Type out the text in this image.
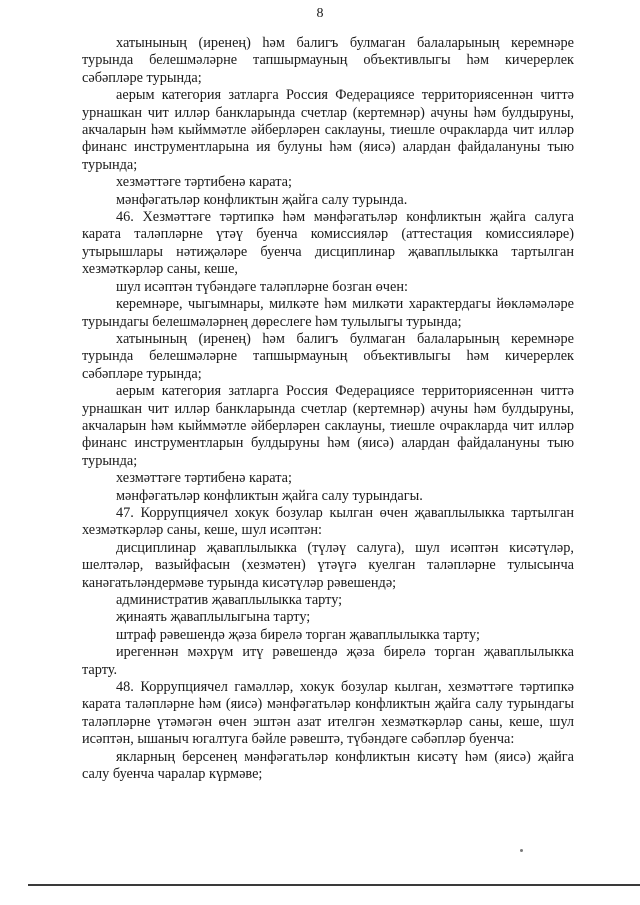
8

хатынының (иренең) һәм балигъ булмаган балаларының керемнәре турында белешмәләрне тапшырмауның объективлыгы һәм кичерерлек сәбәпләре турында;

аерым категория затларга Россия Федерациясе территориясеннән читтә урнашкан чит илләр банкларында счетлар (кертемнәр) ачуны һәм булдыруны, акчаларын һәм кыйммәтле әйберләрен саклауны, тиешле очракларда чит илләр финанс инструментларына ия булуны һәм (яисә) алардан файдалануны тыю турында;

хезмәттәге тәртибенә карата;

мәнфәгатьләр конфликтын җайга салу турында.

46. Хезмәттәге тәртипкә һәм мәнфәгатьләр конфликтын җайга салуга карата таләпләрне үтәү буенча комиссияләр (аттестация комиссияләре) утырышлары нәтиҗәләре буенча дисциплинар җаваплылыкка тартылган хезмәткәрләр саны, кеше,

шул исәптән түбәндәге таләпләрне бозган өчен:

керемнәре, чыгымнары, милкәте һәм милкәти характердагы йөкләмәләре турындагы белешмәләрнең дөреслеге һәм тулылыгы турында;

хатынының (иренең) һәм балигъ булмаган балаларының керемнәре турында белешмәләрне тапшырмауның объективлыгы һәм кичерерлек сәбәпләре турында;

аерым категория затларга Россия Федерациясе территориясеннән читтә урнашкан чит илләр банкларында счетлар (кертемнәр) ачуны һәм булдыруны, акчаларын һәм кыйммәтле әйберләрен саклауны, тиешле очракларда чит илләр финанс инструментларын булдыруны һәм (яисә) алардан файдалануны тыю турында;

хезмәттәге тәртибенә карата;

мәнфәгатьләр конфликтын җайга салу турындагы.

47. Коррупциячел хокук бозулар кылган өчен җаваплылыкка тартылган хезмәткәрләр саны, кеше, шул исәптән:

дисциплинар җаваплылыкка (түләү салуга), шул исәптән кисәтүләр, шелтәләр, вазыйфасын (хезмәтен) үтәүгә куелган таләпләрне тулысынча канәгатьләндермәве турында кисәтүләр рәвешендә;

административ җаваплылыкка тарту;

җинаять җаваплылыгына тарту;

штраф рәвешендә җәза бирелә торган җаваплылыкка тарту;

ирегеннән мәхрүм итү рәвешендә җәза бирелә торган җаваплылыкка тарту.

48. Коррупциячел гамәлләр, хокук бозулар кылган, хезмәттәге тәртипкә карата таләпләрне һәм (яисә) мәнфәгатьләр конфликтын җайга салу турындагы таләпләрне үтәмәгән өчен эштән азат ителгән хезмәткәрләр саны, кеше, шул исәптән, ышаныч югалтуга бәйле рәвештә, түбәндәге сәбәпләр буенча:

якларның берсенең мәнфәгатьләр конфликтын кисәтү һәм (яисә) җайга салу буенча чаралар күрмәве;
